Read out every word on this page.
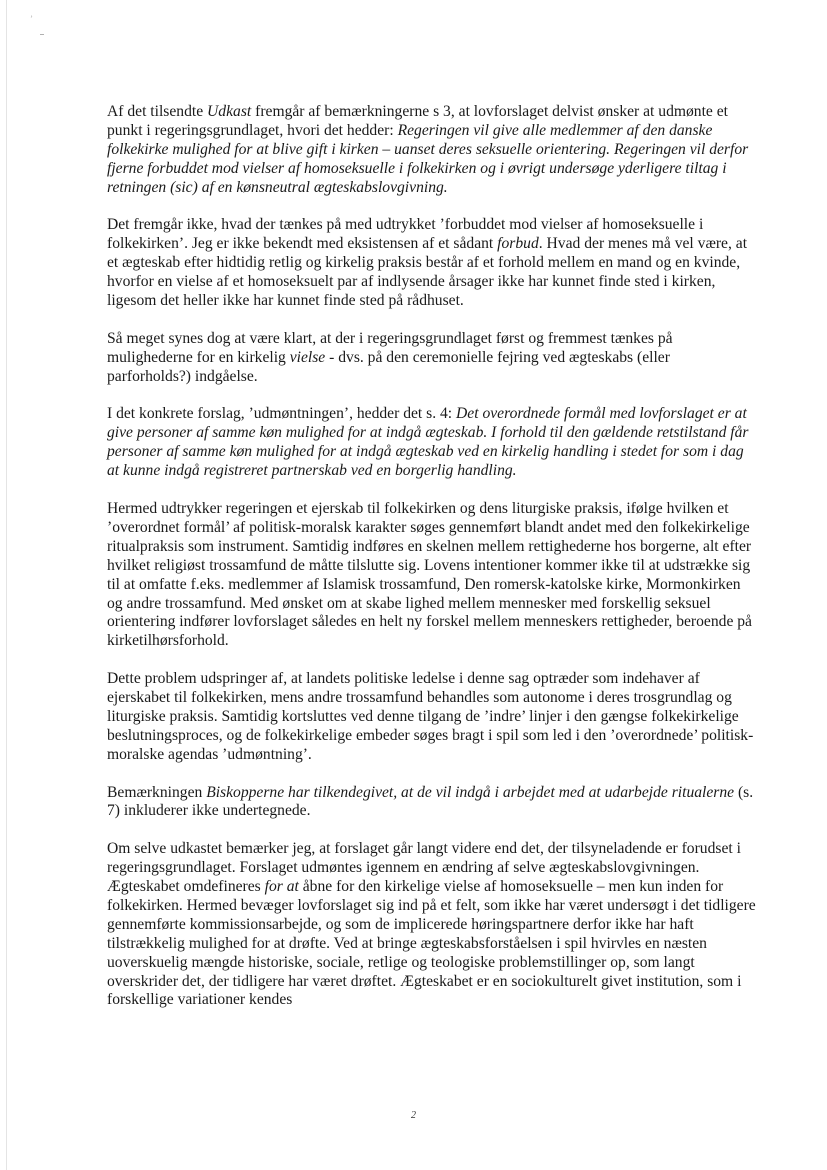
’

Af det tilsendte Udkast fremgår af bemærkningerne s 3, at lovforslaget delvist ønsker at udmønte et punkt i regeringsgrundlaget, hvori det hedder: Regeringen vil give alle medlemmer af den danske folkekirke mulighed for at blive gift i kirken – uanset deres seksuelle orientering. Regeringen vil derfor fjerne forbuddet mod vielser af homoseksuelle i folkekirken og i øvrigt undersøge yderligere tiltag i retningen (sic) af en kønsneutral ægteskabslovgivning.

Det fremgår ikke, hvad der tænkes på med udtrykket ’forbuddet mod vielser af homoseksuelle i folkekirken’. Jeg er ikke bekendt med eksistensen af et sådant forbud. Hvad der menes må vel være, at et ægteskab efter hidtidig retlig og kirkelig praksis består af et forhold mellem en mand og en kvinde, hvorfor en vielse af et homoseksuelt par af indlysende årsager ikke har kunnet finde sted i kirken, ligesom det heller ikke har kunnet finde sted på rådhuset.

Så meget synes dog at være klart, at der i regeringsgrundlaget først og fremmest tænkes på mulighederne for en kirkelig vielse - dvs. på den ceremonielle fejring ved ægteskabs (eller parforholds?) indgåelse.

I det konkrete forslag, ’udmøntningen’, hedder det s. 4: Det overordnede formål med lovforslaget er at give personer af samme køn mulighed for at indgå ægteskab. I forhold til den gældende retstilstand får personer af samme køn mulighed for at indgå ægteskab ved en kirkelig handling i stedet for som i dag at kunne indgå registreret partnerskab ved en borgerlig handling.

Hermed udtrykker regeringen et ejerskab til folkekirken og dens liturgiske praksis, ifølge hvilken et ’overordnet formål’ af politisk-moralsk karakter søges gennemført blandt andet med den folkekirkelige ritualpraksis som instrument. Samtidig indføres en skelnen mellem rettighederne hos borgerne, alt efter hvilket religiøst trossamfund de måtte tilslutte sig. Lovens intentioner kommer ikke til at udstrække sig til at omfatte f.eks. medlemmer af Islamisk trossamfund, Den romersk-katolske kirke, Mormonkirken og andre trossamfund. Med ønsket om at skabe lighed mellem mennesker med forskellig seksuel orientering indfører lovforslaget således en helt ny forskel mellem menneskers rettigheder, beroende på kirketilhørsforhold.

Dette problem udspringer af, at landets politiske ledelse i denne sag optræder som indehaver af ejerskabet til folkekirken, mens andre trossamfund behandles som autonome i deres trosgrundlag og liturgiske praksis. Samtidig kortsluttes ved denne tilgang de ’indre’ linjer i den gængse folkekirkelige beslutningsproces, og de folkekirkelige embeder søges bragt i spil som led i den ’overordnede’ politisk-moralske agendas ’udmøntning’.

Bemærkningen Biskopperne har tilkendegivet, at de vil indgå i arbejdet med at udarbejde ritualerne (s. 7) inkluderer ikke undertegnede.

Om selve udkastet bemærker jeg, at forslaget går langt videre end det, der tilsyneladende er forudset i regeringsgrundlaget. Forslaget udmøntes igennem en ændring af selve ægteskabslovgivningen. Ægteskabet omdefineres for at åbne for den kirkelige vielse af homoseksuelle – men kun inden for folkekirken. Hermed bevæger lovforslaget sig ind på et felt, som ikke har været undersøgt i det tidligere gennemførte kommissionsarbejde, og som de implicerede høringspartnere derfor ikke har haft tilstrækkelig mulighed for at drøfte. Ved at bringe ægteskabsforståelsen i spil hvirvles en næsten uoverskuelig mængde historiske, sociale, retlige og teologiske problemstillinger op, som langt overskrider det, der tidligere har været drøftet. Ægteskabet er en sociokulturelt givet institution, som i forskellige variationer kendes

2
